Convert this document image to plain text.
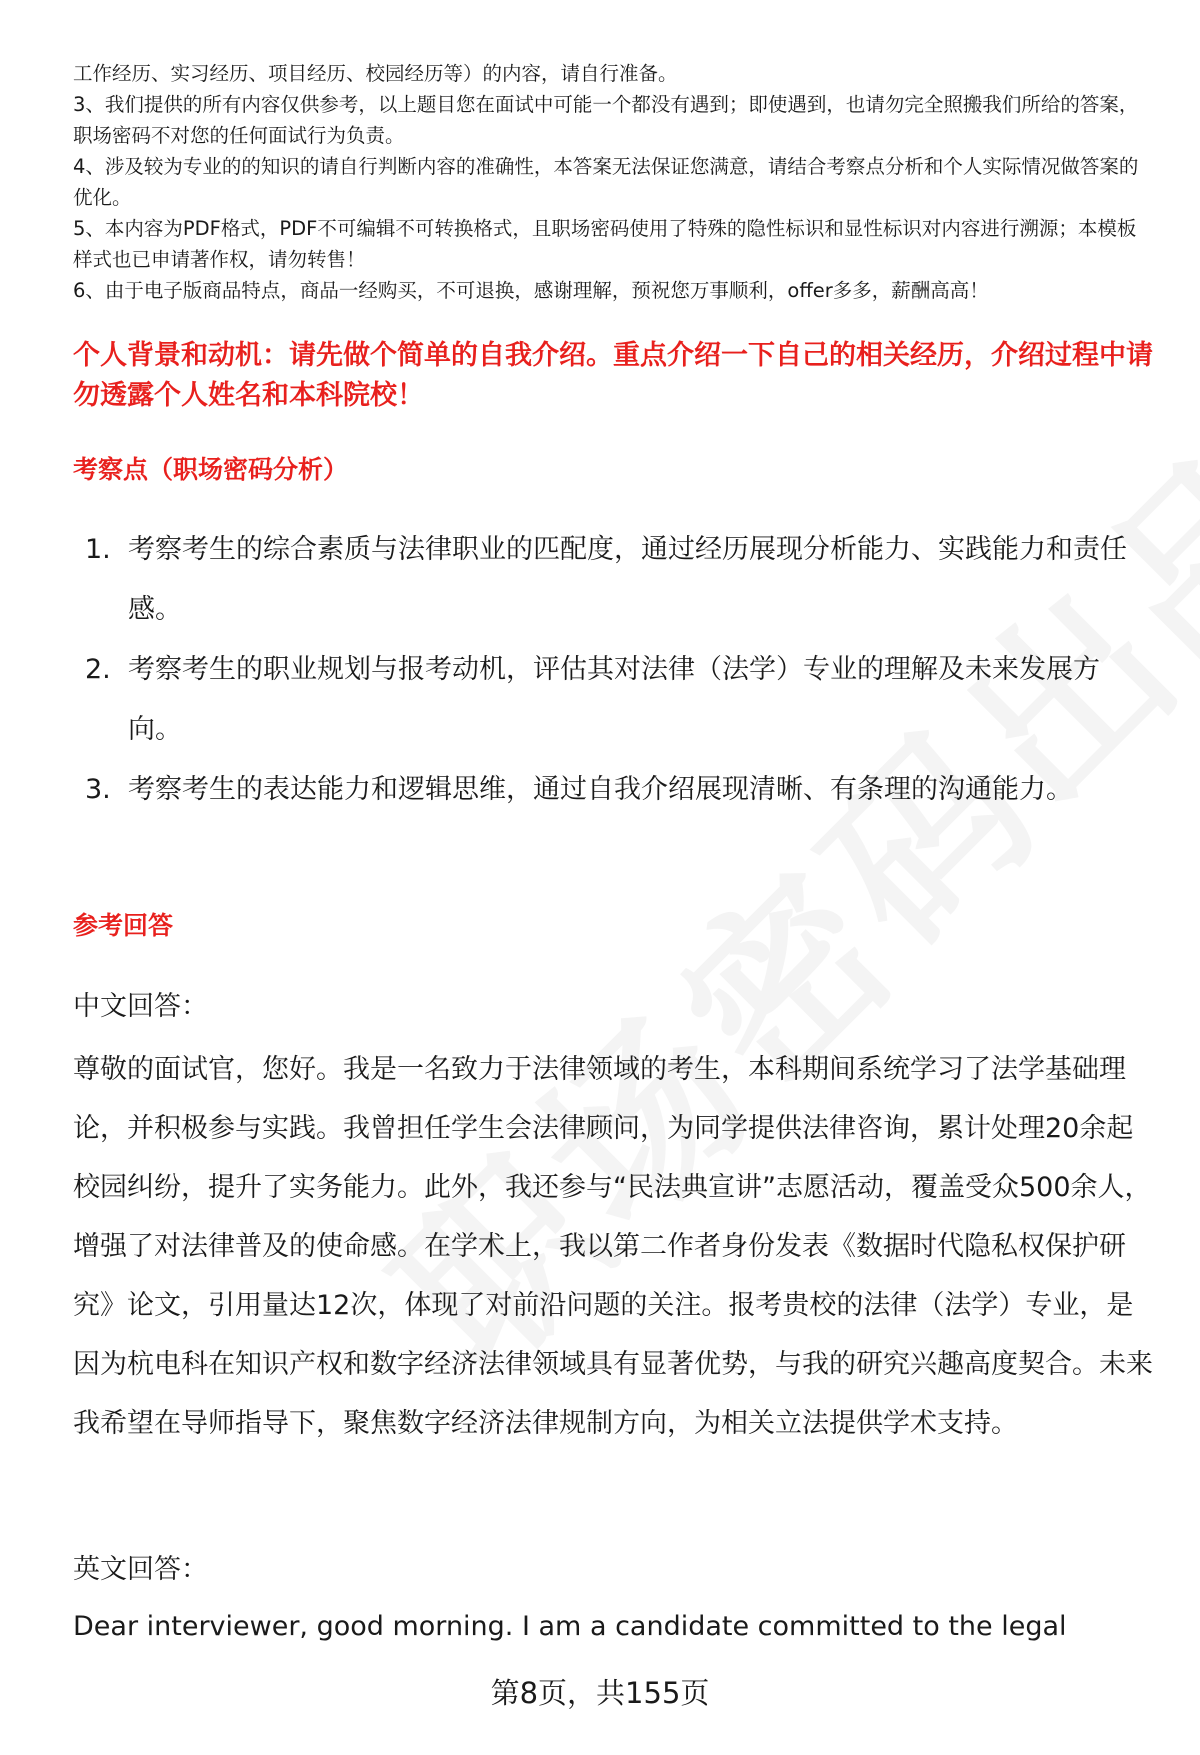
工作经历、实习经历、项目经历、校园经历等）的内容，请自行准备。

3、我们提供的所有内容仅供参考，以上题目您在面试中可能一个都没有遇到；即使遇到，也请勿完全照搬我们所给的答案，职场密码不对您的任何面试行为负责。

4、涉及较为专业的的知识的请自行判断内容的准确性，本答案无法保证您满意，请结合考察点分析和个人实际情况做答案的优化。

5、本内容为PDF格式，PDF不可编辑不可转换格式，且职场密码使用了特殊的隐性标识和显性标识对内容进行溯源；本模板样式也已申请著作权，请勿转售！

6、由于电子版商品特点，商品一经购买，不可退换，感谢理解，预祝您万事顺利，offer多多，薪酬高高！

个人背景和动机：请先做个简单的自我介绍。重点介绍一下自己的相关经历，介绍过程中请勿透露个人姓名和本科院校！

考察点（职场密码分析）

1. 考察考生的综合素质与法律职业的匹配度，通过经历展现分析能力、实践能力和责任感。
2. 考察考生的职业规划与报考动机，评估其对法律（法学）专业的理解及未来发展方向。
3. 考察考生的表达能力和逻辑思维，通过自我介绍展现清晰、有条理的沟通能力。

参考回答

中文回答：

尊敬的面试官，您好。我是一名致力于法律领域的考生，本科期间系统学习了法学基础理论，并积极参与实践。我曾担任学生会法律顾问，为同学提供法律咨询，累计处理20余起校园纠纷，提升了实务能力。此外，我还参与“民法典宣讲”志愿活动，覆盖受众500余人，增强了对法律普及的使命感。在学术上，我以第二作者身份发表《数据时代隐私权保护研究》论文，引用量达12次，体现了对前沿问题的关注。报考贵校的法律（法学）专业，是因为杭电科在知识产权和数字经济法律领域具有显著优势，与我的研究兴趣高度契合。未来我希望在导师指导下，聚焦数字经济法律规制方向，为相关立法提供学术支持。

英文回答：

Dear interviewer, good morning. I am a candidate committed to the legal

第8页，共155页
